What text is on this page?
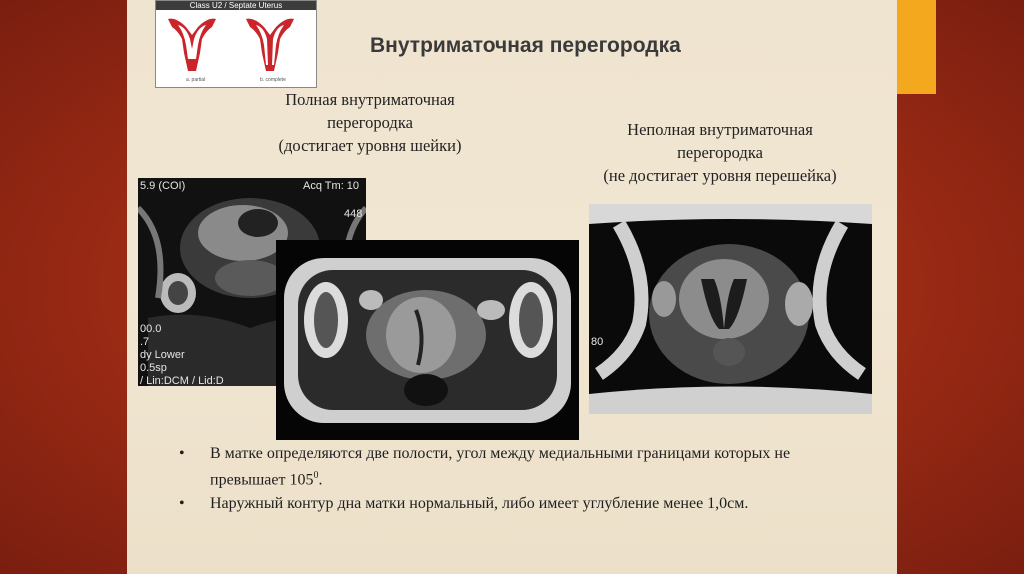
Class U2 / Septate Uterus
a. partial	b. complete
Внутриматочная перегородка
Полная внутриматочная
перегородка
(достигает уровня шейки)
Неполная внутриматочная
перегородка
(не достигает уровня перешейка)
5.9 (COI)	Acq Tm: 10
448
00.0
.7
dy Lower
0.5sp
/ Lin:DCM / Lid:D
80
• В матке определяются две полости, угол между медиальными границами которых не превышает $105^0$.
• Наружный контур дна матки нормальный, либо имеет углубление менее 1,0см.
